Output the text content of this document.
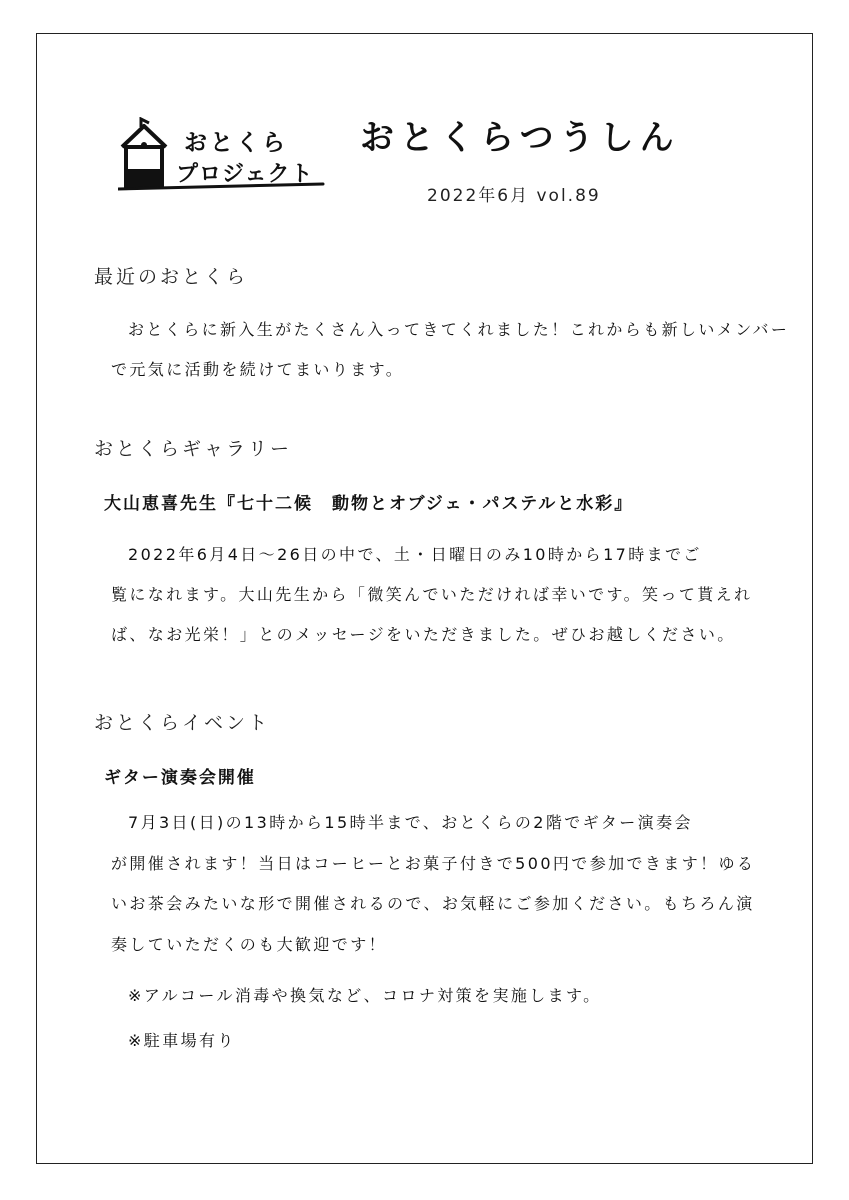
おとくら
プロジェクト
おとくらつうしん
2022年6月 vol.89
最近のおとくら
おとくらに新入生がたくさん入ってきてくれました！これからも新しいメンバー
で元気に活動を続けてまいります。
おとくらギャラリー
大山恵喜先生『七十二候　動物とオブジェ・パステルと水彩』
2022年6月4日～26日の中で、土・日曜日のみ10時から17時までご
覧になれます。大山先生から「微笑んでいただければ幸いです。笑って貰えれ
ば、なお光栄！」とのメッセージをいただきました。ぜひお越しください。
おとくらイベント
ギター演奏会開催
7月3日(日)の13時から15時半まで、おとくらの2階でギター演奏会
が開催されます！当日はコーヒーとお菓子付きで500円で参加できます！ゆる
いお茶会みたいな形で開催されるので、お気軽にご参加ください。もちろん演
奏していただくのも大歓迎です！
※アルコール消毒や換気など、コロナ対策を実施します。
※駐車場有り
